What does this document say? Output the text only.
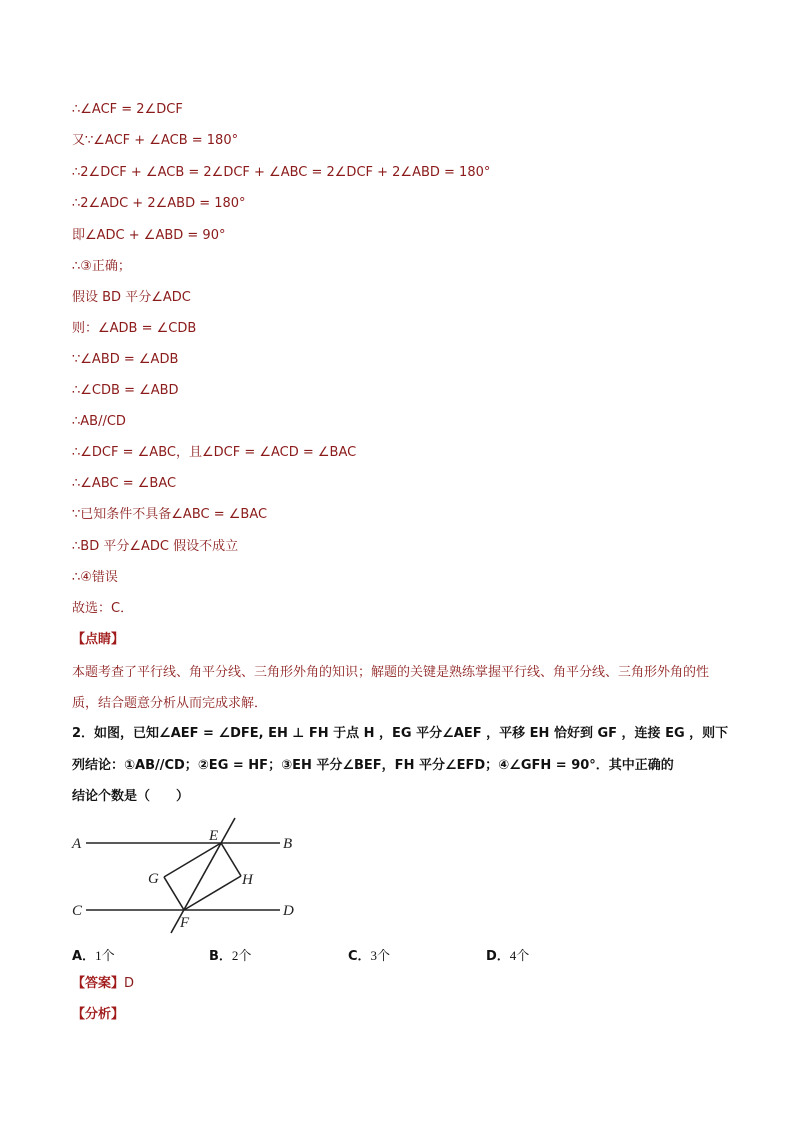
∴∠ACF = 2∠DCF
又∵∠ACF + ∠ACB = 180°
∴2∠DCF + ∠ACB = 2∠DCF + ∠ABC = 2∠DCF + 2∠ABD = 180°
∴2∠ADC + 2∠ABD = 180°
即∠ADC + ∠ABD = 90°
∴③正确；
假设 BD 平分∠ADC
则：∠ADB = ∠CDB
∵∠ABD = ∠ADB
∴∠CDB = ∠ABD
∴AB//CD
∴∠DCF = ∠ABC，且∠DCF = ∠ACD = ∠BAC
∴∠ABC = ∠BAC
∵已知条件不具备∠ABC = ∠BAC
∴BD 平分∠ADC 假设不成立
∴④错误
故选：C．
【点睛】
本题考查了平行线、角平分线、三角形外角的知识；解题的关键是熟练掌握平行线、角平分线、三角形外角的性质，结合题意分析从而完成求解．
2．如图，已知∠AEF = ∠DFE, EH ⊥ FH 于点 H ，EG 平分∠AEF ，平移 EH 恰好到 GF ，连接 EG ，则下
列结论：①AB//CD；②EG = HF；③EH 平分∠BEF，FH 平分∠EFD；④∠GFH = 90°．其中正确的
结论个数是（　　）
A	B
C	D
E
F
G	H
A．1个	B．2个	C．3个	D．4个
【答案】D
【分析】
